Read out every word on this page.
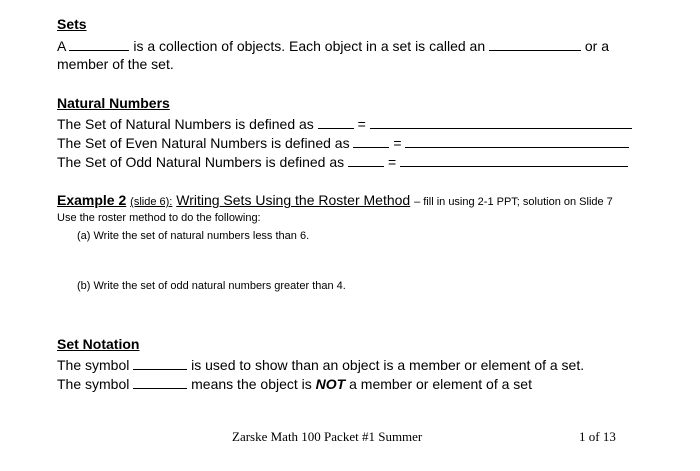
Sets
A	is a collection of objects. Each object in a set is called an	or a
member of the set.
Natural Numbers
The Set of Natural Numbers is defined as	=
The Set of Even Natural Numbers is defined as	=
The Set of Odd Natural Numbers is defined as	=
Example 2 (slide 6): Writing Sets Using the Roster Method – fill in using 2-1 PPT; solution on Slide 7
Use the roster method to do the following:
(a) Write the set of natural numbers less than 6.
(b) Write the set of odd natural numbers greater than 4.
Set Notation
The symbol	is used to show than an object is a member or element of a set.
The symbol	means the object is NOT a member or element of a set
Zarske Math 100 Packet #1 Summer	1 of 13
